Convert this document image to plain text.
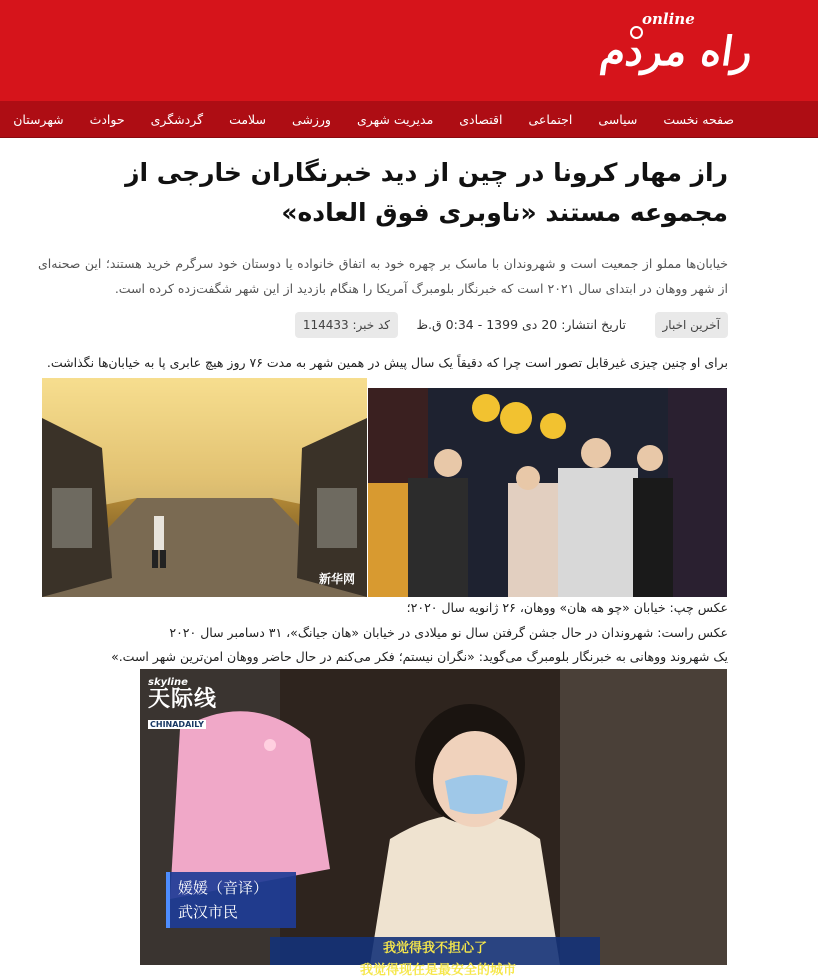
online
راه مردم
صفحه نخست
سیاسی
اجتماعی
اقتصادی
مدیریت شهری
ورزشی
سلامت
گردشگری
حوادث
شهرستان
راز مهار کرونا در چین از دید خبرنگاران خارجی از مجموعه مستند «ناوبری فوق العاده»
خیابان‌ها مملو از جمعیت است و شهروندان با ماسک بر چهره خود به اتفاق خانواده یا دوستان خود سرگرم خرید هستند؛ این صحنه‌ای از شهر ووهان در ابتدای سال ۲۰۲۱ است که خبرنگار بلومبرگ آمریکا را هنگام بازدید از این شهر شگفت‌زده کرده است.
آخرین اخبار
تاریخ انتشار: 20 دی 1399 - 0:34 ق.ظ
کد خبر: 114433
برای او چنین چیزی غیرقابل تصور است چرا که دقیقاً یک سال پیش در همین شهر به مدت ۷۶ روز هیچ عابری پا به خیابان‌ها نگذاشت.
新华网
عکس چپ: خیابان «چو هه هان» ووهان، ۲۶ ژانویه سال ۲۰۲۰؛
عکس راست: شهروندان در حال جشن گرفتن سال نو میلادی در خیابان «هان جیانگ»، ۳۱ دسامبر سال ۲۰۲۰
یک شهروند ووهانی به خبرنگار بلومبرگ می‌گوید: «نگران نیستم؛ فکر می‌کنم در حال حاضر ووهان امن‌ترین شهر است.»
skyline
天际线
CHINADAILY
媛媛（音译）
武汉市民
我觉得我不担心了
我觉得现在是最安全的城市
